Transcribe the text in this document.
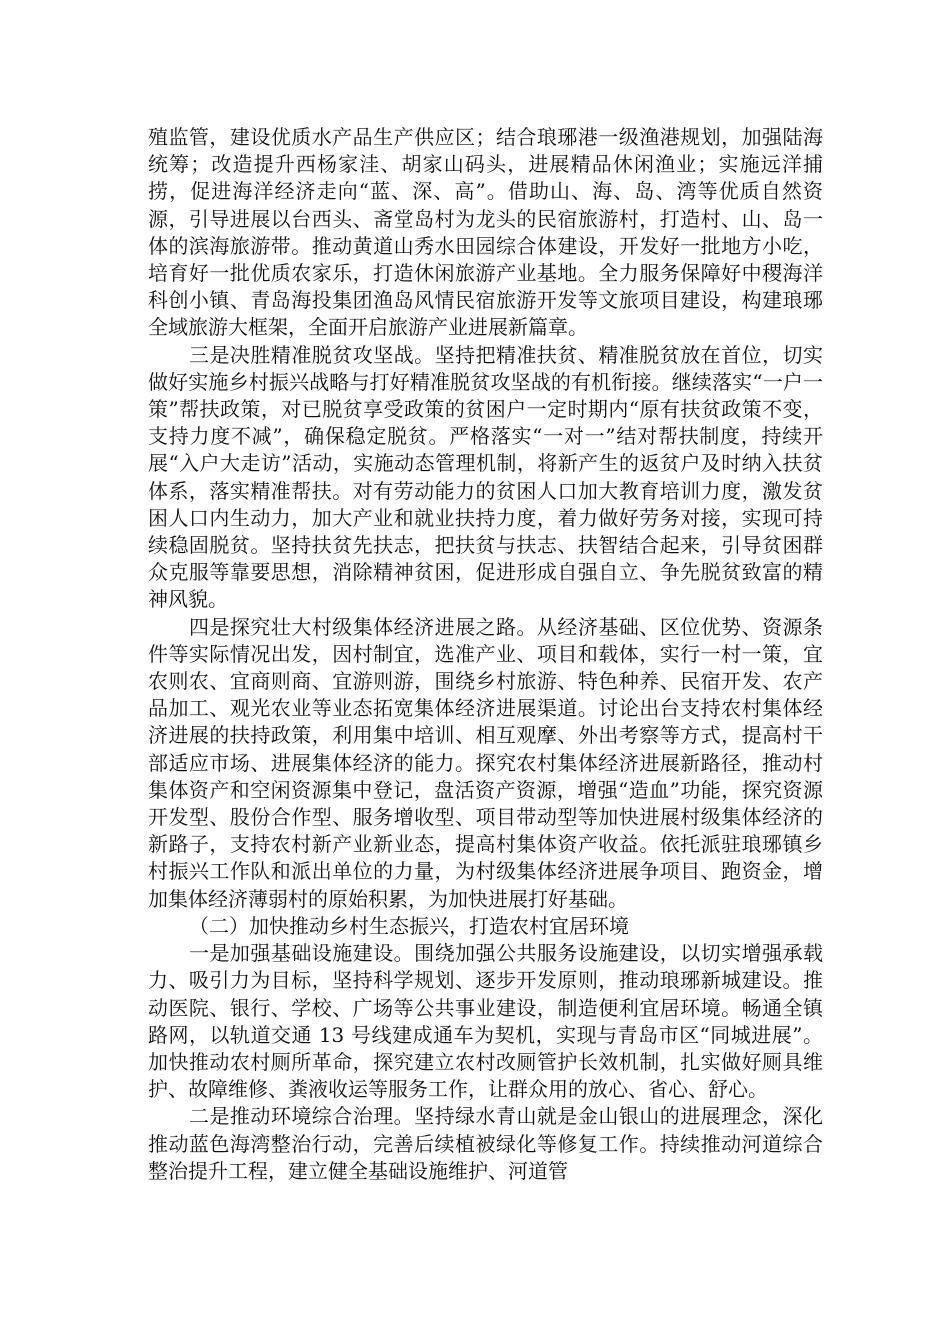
殖监管，建设优质水产品生产供应区；结合琅琊港一级渔港规划，加强陆海统筹；改造提升西杨家洼、胡家山码头，进展精品休闲渔业；实施远洋捕捞，促进海洋经济走向“蓝、深、高”。借助山、海、岛、湾等优质自然资源，引导进展以台西头、斋堂岛村为龙头的民宿旅游村，打造村、山、岛一体的滨海旅游带。推动黄道山秀水田园综合体建设，开发好一批地方小吃，培育好一批优质农家乐，打造休闲旅游产业基地。全力服务保障好中稷海洋科创小镇、青岛海投集团渔岛风情民宿旅游开发等文旅项目建设，构建琅琊全域旅游大框架，全面开启旅游产业进展新篇章。

三是决胜精准脱贫攻坚战。坚持把精准扶贫、精准脱贫放在首位，切实做好实施乡村振兴战略与打好精准脱贫攻坚战的有机衔接。继续落实“一户一策”帮扶政策，对已脱贫享受政策的贫困户一定时期内“原有扶贫政策不变，支持力度不减”，确保稳定脱贫。严格落实“一对一”结对帮扶制度，持续开展“入户大走访”活动，实施动态管理机制，将新产生的返贫户及时纳入扶贫体系，落实精准帮扶。对有劳动能力的贫困人口加大教育培训力度，激发贫困人口内生动力，加大产业和就业扶持力度，着力做好劳务对接，实现可持续稳固脱贫。坚持扶贫先扶志，把扶贫与扶志、扶智结合起来，引导贫困群众克服等靠要思想，消除精神贫困，促进形成自强自立、争先脱贫致富的精神风貌。

四是探究壮大村级集体经济进展之路。从经济基础、区位优势、资源条件等实际情况出发，因村制宜，选准产业、项目和载体，实行一村一策，宜农则农、宜商则商、宜游则游，围绕乡村旅游、特色种养、民宿开发、农产品加工、观光农业等业态拓宽集体经济进展渠道。讨论出台支持农村集体经济进展的扶持政策，利用集中培训、相互观摩、外出考察等方式，提高村干部适应市场、进展集体经济的能力。探究农村集体经济进展新路径，推动村集体资产和空闲资源集中登记，盘活资产资源，增强“造血”功能，探究资源开发型、股份合作型、服务增收型、项目带动型等加快进展村级集体经济的新路子，支持农村新产业新业态，提高村集体资产收益。依托派驻琅琊镇乡村振兴工作队和派出单位的力量，为村级集体经济进展争项目、跑资金，增加集体经济薄弱村的原始积累，为加快进展打好基础。

（二）加快推动乡村生态振兴，打造农村宜居环境

一是加强基础设施建设。围绕加强公共服务设施建设，以切实增强承载力、吸引力为目标，坚持科学规划、逐步开发原则，推动琅琊新城建设。推动医院、银行、学校、广场等公共事业建设，制造便利宜居环境。畅通全镇路网，以轨道交通 13 号线建成通车为契机，实现与青岛市区“同城进展”。加快推动农村厕所革命，探究建立农村改厕管护长效机制，扎实做好厕具维护、故障维修、粪液收运等服务工作，让群众用的放心、省心、舒心。

二是推动环境综合治理。坚持绿水青山就是金山银山的进展理念，深化推动蓝色海湾整治行动，完善后续植被绿化等修复工作。持续推动河道综合整治提升工程，建立健全基础设施维护、河道管
